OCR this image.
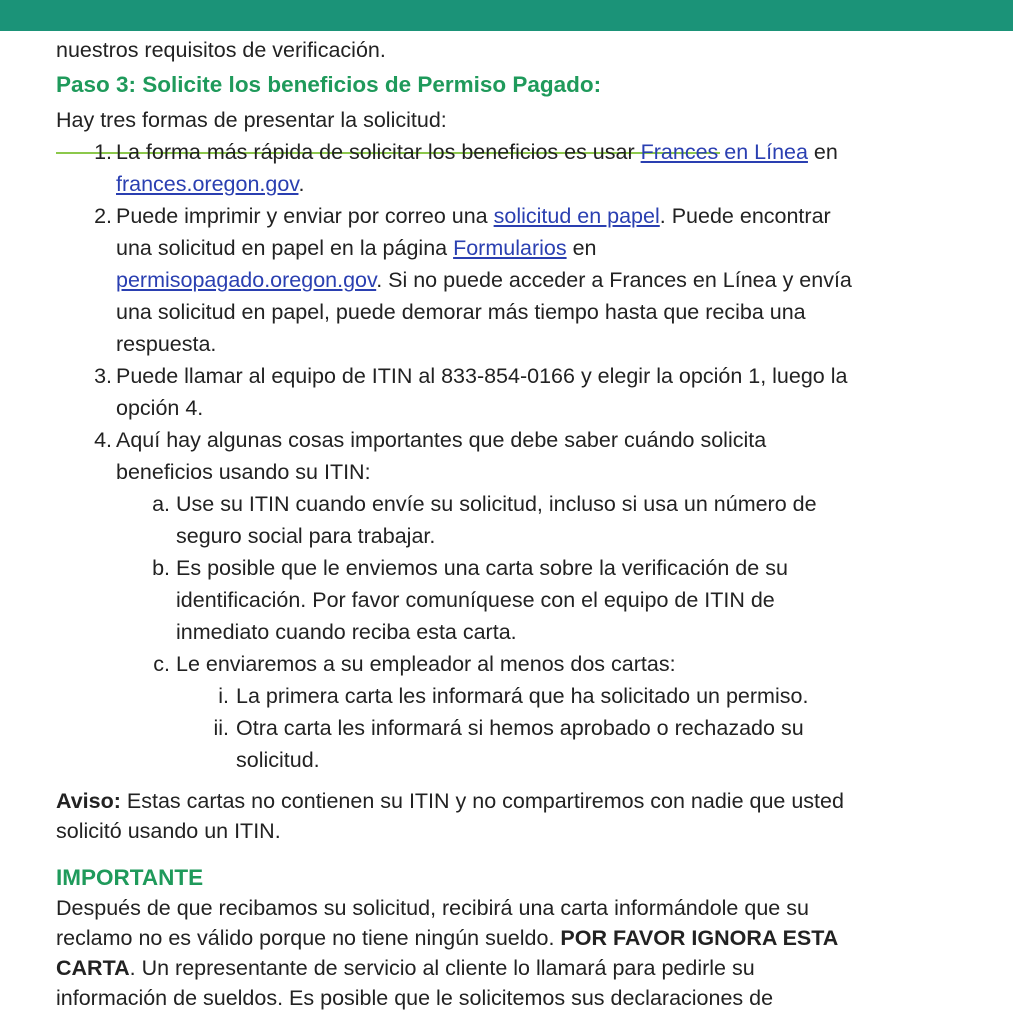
nuestros requisitos de verificación.
Paso 3: Solicite los beneficios de Permiso Pagado:
Hay tres formas de presentar la solicitud:
1. La forma más rápida de solicitar los beneficios es usar Frances en Línea en
frances.oregon.gov.
2. Puede imprimir y enviar por correo una solicitud en papel. Puede encontrar
una solicitud en papel en la página Formularios en
permisopagado.oregon.gov. Si no puede acceder a Frances en Línea y envía
una solicitud en papel, puede demorar más tiempo hasta que reciba una
respuesta.
3. Puede llamar al equipo de ITIN al 833-854-0166 y elegir la opción 1, luego la
opción 4.
4. Aquí hay algunas cosas importantes que debe saber cuándo solicita
beneficios usando su ITIN:
a. Use su ITIN cuando envíe su solicitud, incluso si usa un número de
seguro social para trabajar.
b. Es posible que le enviemos una carta sobre la verificación de su
identificación. Por favor comuníquese con el equipo de ITIN de
inmediato cuando reciba esta carta.
c. Le enviaremos a su empleador al menos dos cartas:
i. La primera carta les informará que ha solicitado un permiso.
ii. Otra carta les informará si hemos aprobado o rechazado su
solicitud.
Aviso: Estas cartas no contienen su ITIN y no compartiremos con nadie que usted
solicitó usando un ITIN.
IMPORTANTE
Después de que recibamos su solicitud, recibirá una carta informándole que su
reclamo no es válido porque no tiene ningún sueldo. POR FAVOR IGNORA ESTA
CARTA. Un representante de servicio al cliente lo llamará para pedirle su
información de sueldos. Es posible que le solicitemos sus declaraciones de
